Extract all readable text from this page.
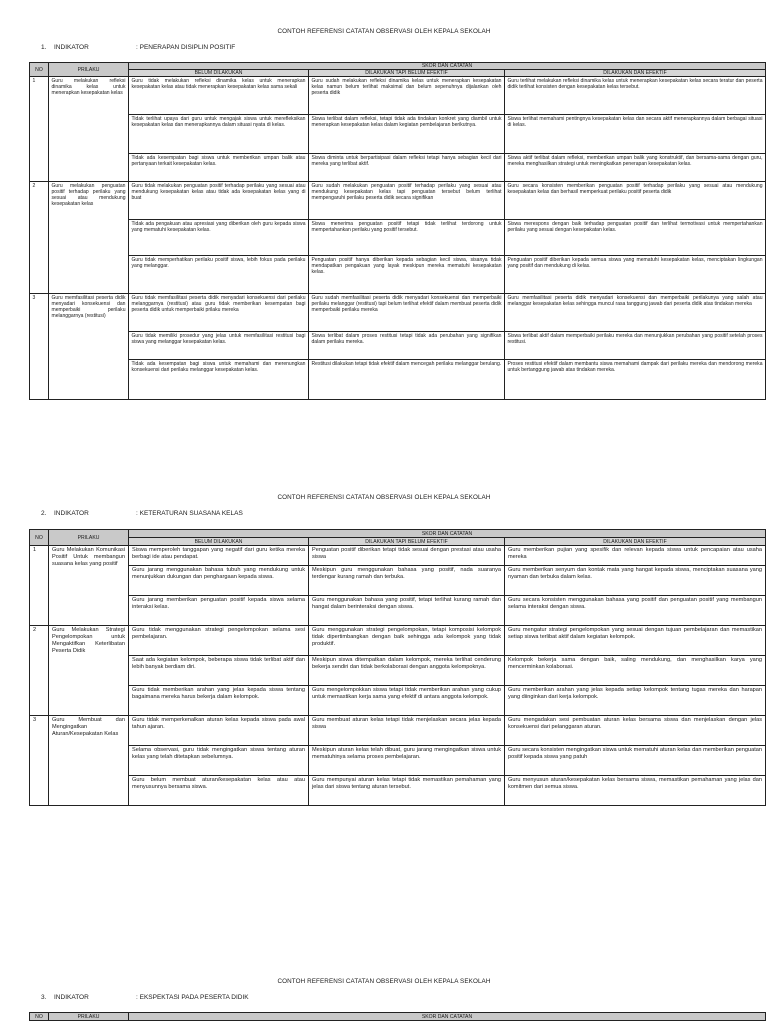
CONTOH REFERENSI CATATAN OBSERVASI OLEH KEPALA SEKOLAH

1. INDIKATOR	: PENERAPAN DISIPLIN POSITIF
NO	PRILAKU	SKOR DAN CATATAN		
		BELUM DILAKUKAN	DILAKUKAN TAPI BELUM EFEKTIF	DILAKUKAN DAN EFEKTIF
1	Guru melakukan refleksi dinamika kelas untuk menerapkan kesepakatan kelas	Guru tidak melakukan refleksi dinamika kelas untuk menerapkan kesepakatan kelas atau tidak menerapkan kesepakatan kelas sama sekali	Guru sudah melakukan refleksi dinamika kelas untuk menerapkan kesepakatan kelas namun belum terlihat maksimal dan belum sepenuhnya dijalankan oleh peserta didik	Guru terlihat melakukan refleksi dinamika kelas untuk menerapkan kesepakatan kelas secara teratur dan peserta didik terlihat konsisten dengan kesepakatan kelas tersebut.
		Tidak terlihat upaya dari guru untuk mengajak siswa untuk merefleksikan kesepakatan kelas dan menerapkannya dalam situasi nyata di kelas.	Siswa terlibat dalam refleksi, tetapi tidak ada tindakan konkret yang diambil untuk menerapkan kesepakatan kelas dalam kegiatan pembelajaran berikutnya.	Siswa terlihat memahami pentingnya kesepakatan kelas dan secara aktif menerapkannya dalam berbagai situasi di kelas.
		Tidak ada kesempatan bagi siswa untuk memberikan umpan balik atau pertanyaan terkait kesepakatan kelas.	Siswa diminta untuk berpartisipasi dalam refleksi tetapi hanya sebagian kecil dari mereka yang terlibat aktif.	Siswa aktif terlibat dalam refleksi, memberikan umpan balik yang konstruktif, dan bersama-sama dengan guru, mereka menghasilkan strategi untuk meningkatkan penerapan kesepakatan kelas.
2	Guru melakukan penguatan positif terhadap perilaku yang sesuai atau mendukung kesepakatan kelas	Guru tidak melakukan penguatan positif terhadap perilaku yang sesuai atau mendukung kesepakatan kelas atau tidak ada kesepakatan kelas yang di buat	Guru sudah melakukan penguatan positif terhadap perilaku yang sesuai atau mendukung kesepakatan kelas tapi penguatan tersebut belum terlihat mempengaruhi perilaku peserta didik secara signifikan	Guru secara konsisten memberikan penguatan positif terhadap perilaku yang sesuai atau mendukung kesepakatan kelas dan berhasil memperkuat perilaku positif peserta didik
		Tidak ada pengakuan atau apresiasi yang diberikan oleh guru kepada siswa yang mematuhi kesepakatan kelas.	Siswa menerima penguatan positif tetapi tidak terlihat terdorong untuk mempertahankan perilaku yang positif tersebut.	Siswa merespons dengan baik terhadap penguatan positif dan terlihat termotivasi untuk mempertahankan perilaku yang sesuai dengan kesepakatan kelas.
		Guru tidak memperhatikan perilaku positif siswa, lebih fokus pada perilaku yang melanggar.	Penguatan positif hanya diberikan kepada sebagian kecil siswa, sisanya tidak mendapatkan pengakuan yang layak meskipun mereka mematuhi kesepakatan kelas.	Penguatan positif diberikan kepada semua siswa yang mematuhi kesepakatan kelas, menciptakan lingkungan yang positif dan mendukung di kelas.
3	Guru memfasilitasi peserta didik menyadari konsekuensi dan memperbaiki perilaku melanggarnya (restitusi)	Guru tidak memfasilitasi peserta didik menyadari konsekuensi dari perilaku melanggarnya (restitusi) atau guru tidak memberikan kesempatan bagi peserta didik untuk memperbaiki prilaku mereka	Guru sudah memfasilitasi peserta didik menyadari konsekuensi dan memperbaiki perilaku melanggar (restitusi) tapi belum terlihat efektif dalam membuat peserta didik memperbaiki perilaku mereka	Guru memfasilitasi peserta didik menyadari konsekuensi dan memperbaiki perilakunya yang salah atau melanggar kesepakatan kelas sehingga muncul rasa tanggung jawab dari peserta didik atas tindakan mereka
		Guru tidak memiliki prosedur yang jelas untuk memfasilitasi restitusi bagi siswa yang melanggar kesepakatan kelas.	Siswa terlibat dalam proses restitusi tetapi tidak ada perubahan yang signifikan dalam perilaku mereka.	Siswa terlibat aktif dalam memperbaiki perilaku mereka dan menunjukkan perubahan yang positif setelah proses restitusi.
		Tidak ada kesempatan bagi siswa untuk memahami dan merenungkan konsekuensi dari perilaku melanggar kesepakatan kelas.	Restitusi dilakukan tetapi tidak efektif dalam mencegah perilaku melanggar berulang.	Proses restitusi efektif dalam membantu siswa memahami dampak dari perilaku mereka dan mendorong mereka untuk bertanggung jawab atas tindakan mereka.

CONTOH REFERENSI CATATAN OBSERVASI OLEH KEPALA SEKOLAH

2. INDIKATOR	: KETERATURAN SUASANA KELAS
NO	PRILAKU	SKOR DAN CATATAN		
		BELUM DILAKUKAN	DILAKUKAN TAPI BELUM EFEKTIF	DILAKUKAN DAN EFEKTIF
1	Guru Melakukan Komunikasi Positif Untuk membangun suasana kelas yang positif	Siswa memperoleh tanggapan yang negatif dari guru ketika mereka berbagi ide atau pendapat.	Penguatan positif diberikan tetapi tidak sesuai dengan prestasi atau usaha siswa	Guru memberikan pujian yang spesifik dan relevan kepada siswa untuk pencapaian atau usaha mereka
		Guru jarang menggunakan bahasa tubuh yang mendukung untuk menunjukkan dukungan dan penghargaan kepada siswa.	Meskipun guru menggunakan bahasa yang positif, nada suaranya terdengar kurang ramah dan terbuka.	Guru memberikan senyum dan kontak mata yang hangat kepada siswa, menciptakan suasana yang nyaman dan terbuka dalam kelas.
		Guru jarang memberikan penguatan positif kepada siswa selama interaksi kelas.	Guru menggunakan bahasa yang positif, tetapi terlihat kurang ramah dan hangat dalam berinteraksi dengan siswa.	Guru secara konsisten menggunakan bahasa yang positif dan penguatan positif yang membangun selama interaksi dengan siswa.
2	Guru Melakukan Strategi Pengelompokan untuk Mengaktifkan Keterlibatan Peserta Didik	Guru tidak menggunakan strategi pengelompokan selama sesi pembelajaran.	Guru menggunakan strategi pengelompokan, tetapi komposisi kelompok tidak dipertimbangkan dengan baik sehingga ada kelompok yang tidak produktif.	Guru mengatur strategi pengelompokan yang sesuai dengan tujuan pembelajaran dan memastikan setiap siswa terlibat aktif dalam kegiatan kelompok.
		Saat ada kegiatan kelompok, beberapa siswa tidak terlibat aktif dan lebih banyak berdiam diri.	Meskipun siswa ditempatkan dalam kelompok, mereka terlihat cenderung bekerja sendiri dan tidak berkolaborasi dengan anggota kelompoknya.	Kelompok bekerja sama dengan baik, saling mendukung, dan menghasilkan karya yang mencerminkan kolaborasi.
		Guru tidak memberikan arahan yang jelas kepada siswa tentang bagaimana mereka harus bekerja dalam kelompok.	Guru mengelompokkan siswa tetapi tidak memberikan arahan yang cukup untuk memastikan kerja sama yang efektif di antara anggota kelompok.	Guru memberikan arahan yang jelas kepada setiap kelompok tentang tugas mereka dan harapan yang diinginkan dari kerja kelompok.
3	Guru Membuat dan Mengingatkan Aturan/Kesepakatan Kelas	Guru tidak memperkenalkan aturan kelas kepada siswa pada awal tahun ajaran.	Guru membuat aturan kelas tetapi tidak menjelaskan secara jelas kepada siswa	Guru mengadakan sesi pembuatan aturan kelas bersama siswa dan menjelaskan dengan jelas konsekuensi dari pelanggaran aturan.
		Selama observasi, guru tidak mengingatkan siswa tentang aturan kelas yang telah ditetapkan sebelumnya.	Meskipun aturan kelas telah dibuat, guru jarang mengingatkan siswa untuk mematuhinya selama proses pembelajaran.	Guru secara konsisten mengingatkan siswa untuk mematuhi aturan kelas dan memberikan penguatan positif kepada siswa yang patuh
		Guru belum membuat aturan/kesepakatan kelas atau atau menyusunnya bersama siswa.	Guru mempunyai aturan kelas tetapi tidak memastikan pemahaman yang jelas dari siswa tentang aturan tersebut.	Guru menyusun aturan/kesepakatan kelas bersama siswa, memastikan pemahaman yang jelas dan komitmen dari semua siswa.

CONTOH REFERENSI CATATAN OBSERVASI OLEH KEPALA SEKOLAH

3. INDIKATOR	: EKSPEKTASI PADA PESERTA DIDIK
NO	PRILAKU	SKOR DAN CATATAN
